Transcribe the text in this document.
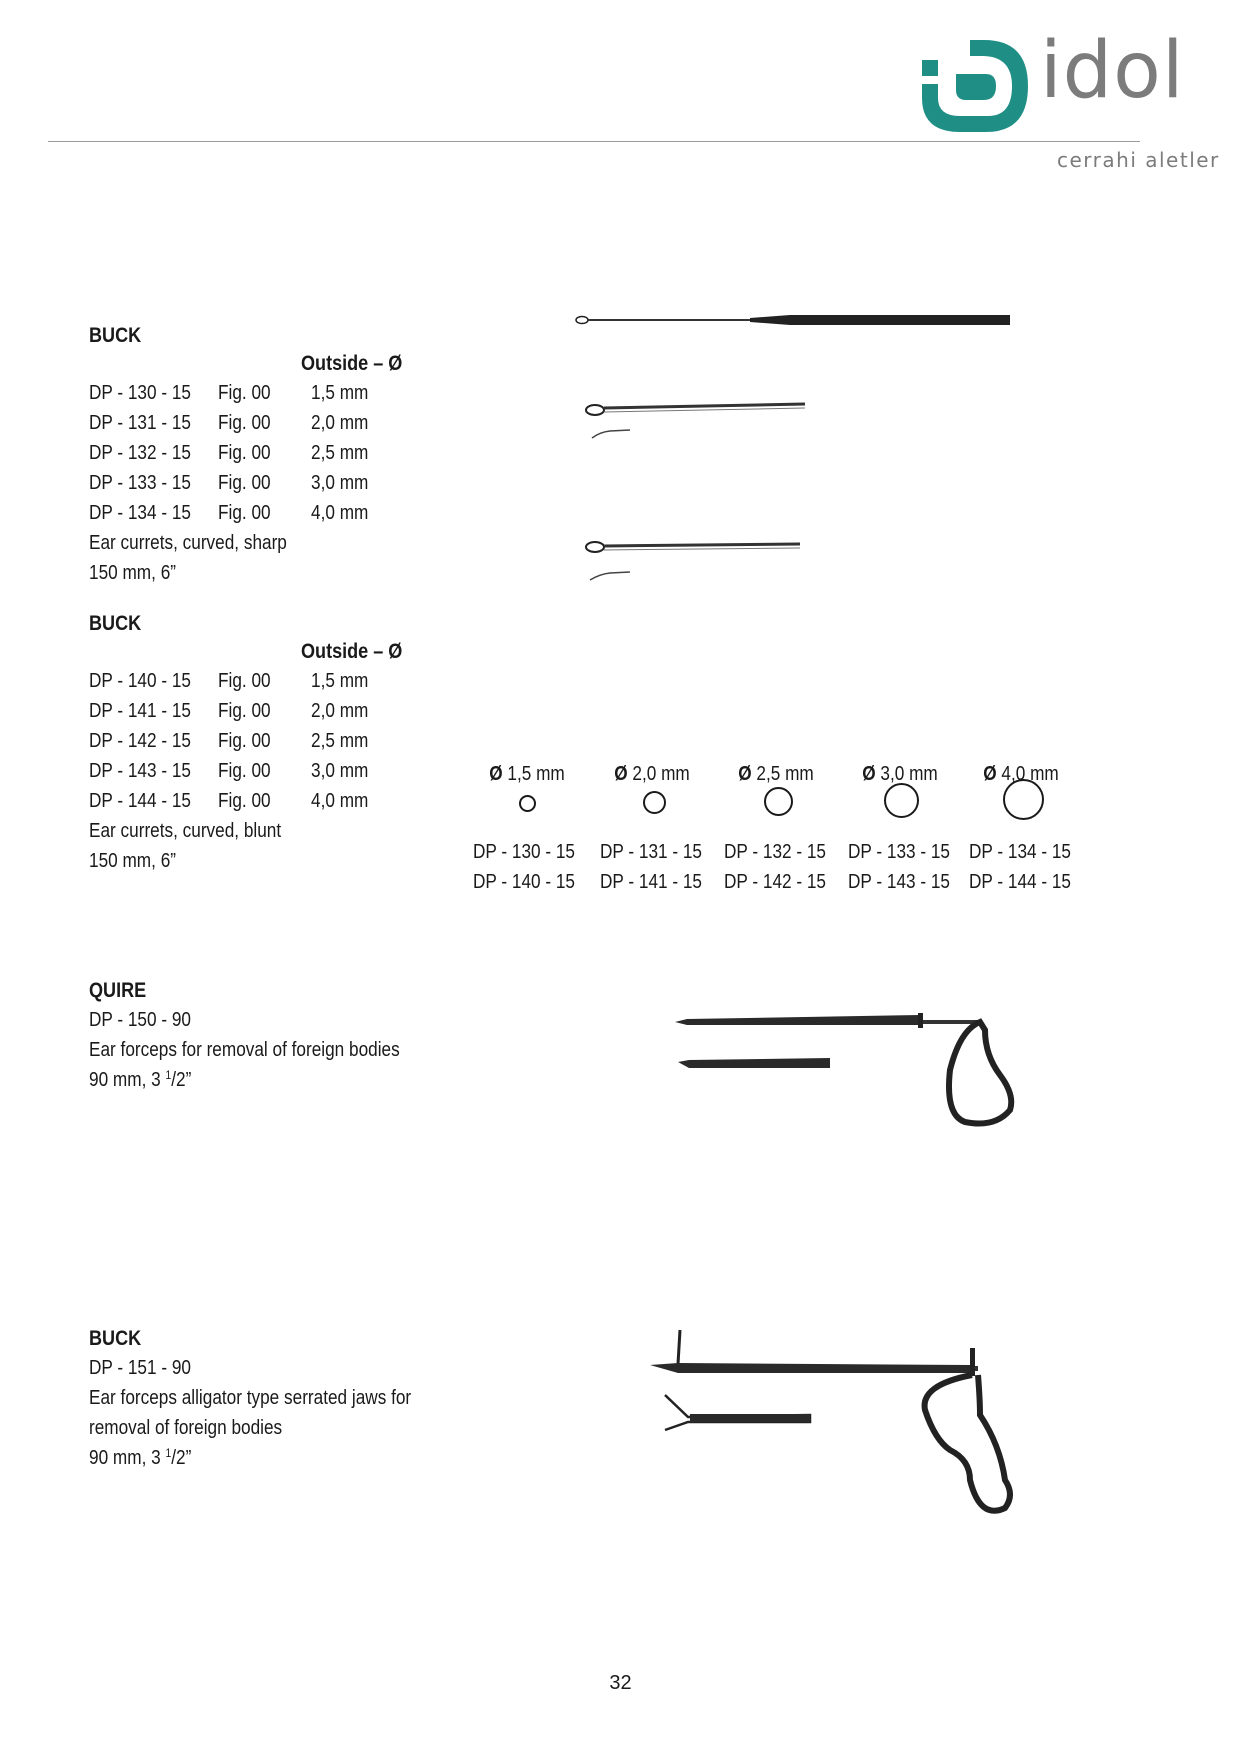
idol
cerrahi aletler
BUCK
Outside – Ø
DP - 130 - 15 Fig. 00 1,5 mm
DP - 131 - 15 Fig. 00 2,0 mm
DP - 132 - 15 Fig. 00 2,5 mm
DP - 133 - 15 Fig. 00 3,0 mm
DP - 134 - 15 Fig. 00 4,0 mm
Ear currets, curved, sharp
150 mm, 6”
BUCK
Outside – Ø
DP - 140 - 15 Fig. 00 1,5 mm
DP - 141 - 15 Fig. 00 2,0 mm
DP - 142 - 15 Fig. 00 2,5 mm
DP - 143 - 15 Fig. 00 3,0 mm
DP - 144 - 15 Fig. 00 4,0 mm
Ear currets, curved, blunt
150 mm, 6”
Ø 1,5 mm Ø 2,0 mm Ø 2,5 mm Ø 3,0 mm Ø 4,0 mm
DP - 130 - 15 DP - 131 - 15 DP - 132 - 15 DP - 133 - 15 DP - 134 - 15
DP - 140 - 15 DP - 141 - 15 DP - 142 - 15 DP - 143 - 15 DP - 144 - 15
QUIRE
DP - 150 - 90
Ear forceps for removal of foreign bodies
90 mm, 3 $^1$/2”
BUCK
DP - 151 - 90
Ear forceps alligator type serrated jaws for
removal of foreign bodies
90 mm, 3 $^1$/2”
32
